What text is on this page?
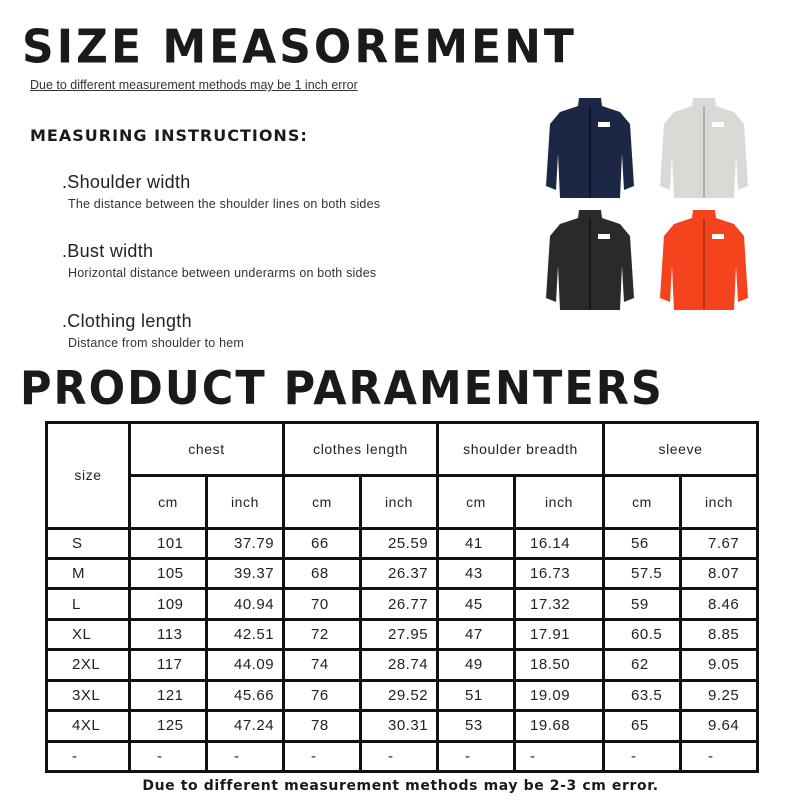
SIZE MEASOREMENT
Due to different measurement methods may be 1 inch error
MEASURING INSTRUCTIONS:
.Shoulder width
The distance between the shoulder lines on both sides
.Bust width
Horizontal distance between underarms on both sides
.Clothing length
Distance from shoulder to hem
PRODUCT PARAMENTERS
size	chest		clothes length		shoulder breadth		sleeve	
	cm	inch	cm	inch	cm	inch	cm	inch
S	101	37.79	66	25.59	41	16.14	56	7.67
M	105	39.37	68	26.37	43	16.73	57.5	8.07
L	109	40.94	70	26.77	45	17.32	59	8.46
XL	113	42.51	72	27.95	47	17.91	60.5	8.85
2XL	117	44.09	74	28.74	49	18.50	62	9.05
3XL	121	45.66	76	29.52	51	19.09	63.5	9.25
4XL	125	47.24	78	30.31	53	19.68	65	9.64
-	-	-	-	-	-	-	-	-
Due to different measurement methods may be 2-3 cm error.
